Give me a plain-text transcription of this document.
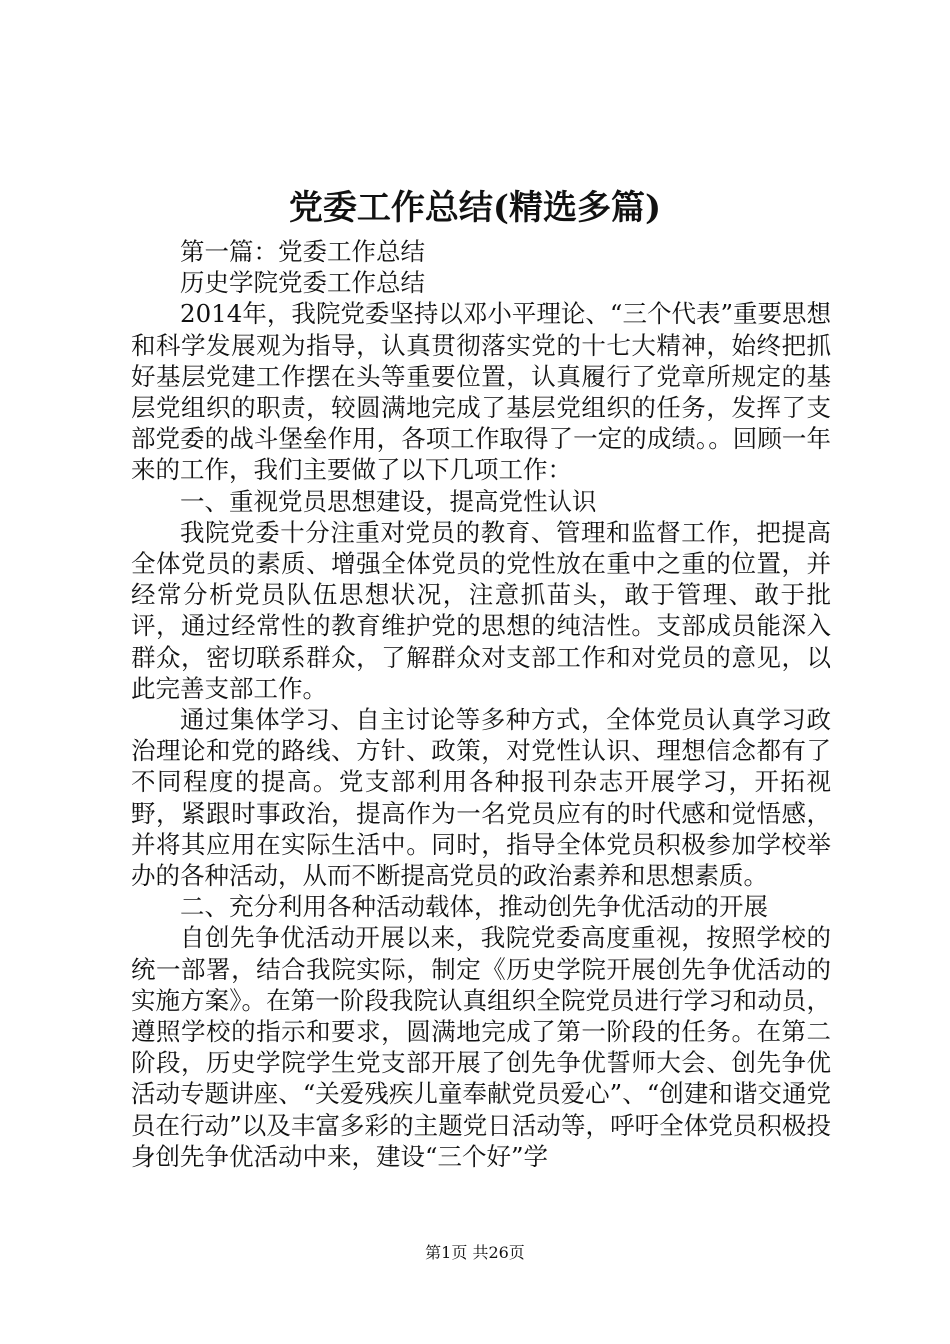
党委工作总结(精选多篇)

第一篇：党委工作总结

历史学院党委工作总结

2014年，我院党委坚持以邓小平理论、“三个代表”重要思想和科学发展观为指导，认真贯彻落实党的十七大精神，始终把抓好基层党建工作摆在头等重要位置，认真履行了党章所规定的基层党组织的职责，较圆满地完成了基层党组织的任务，发挥了支部党委的战斗堡垒作用，各项工作取得了一定的成绩。。回顾一年来的工作，我们主要做了以下几项工作：

一、重视党员思想建设，提高党性认识

我院党委十分注重对党员的教育、管理和监督工作，把提高全体党员的素质、增强全体党员的党性放在重中之重的位置，并经常分析党员队伍思想状况，注意抓苗头，敢于管理、敢于批评，通过经常性的教育维护党的思想的纯洁性。支部成员能深入群众，密切联系群众，了解群众对支部工作和对党员的意见，以此完善支部工作。

通过集体学习、自主讨论等多种方式，全体党员认真学习政治理论和党的路线、方针、政策，对党性认识、理想信念都有了不同程度的提高。党支部利用各种报刊杂志开展学习，开拓视野，紧跟时事政治，提高作为一名党员应有的时代感和觉悟感，并将其应用在实际生活中。同时，指导全体党员积极参加学校举办的各种活动，从而不断提高党员的政治素养和思想素质。

二、充分利用各种活动载体，推动创先争优活动的开展

自创先争优活动开展以来，我院党委高度重视，按照学校的统一部署，结合我院实际，制定《历史学院开展创先争优活动的实施方案》。在第一阶段我院认真组织全院党员进行学习和动员，遵照学校的指示和要求，圆满地完成了第一阶段的任务。在第二阶段，历史学院学生党支部开展了创先争优誓师大会、创先争优活动专题讲座、“关爱残疾儿童奉献党员爱心”、“创建和谐交通党员在行动”以及丰富多彩的主题党日活动等，呼吁全体党员积极投身创先争优活动中来，建设“三个好”学

第1页 共26页
